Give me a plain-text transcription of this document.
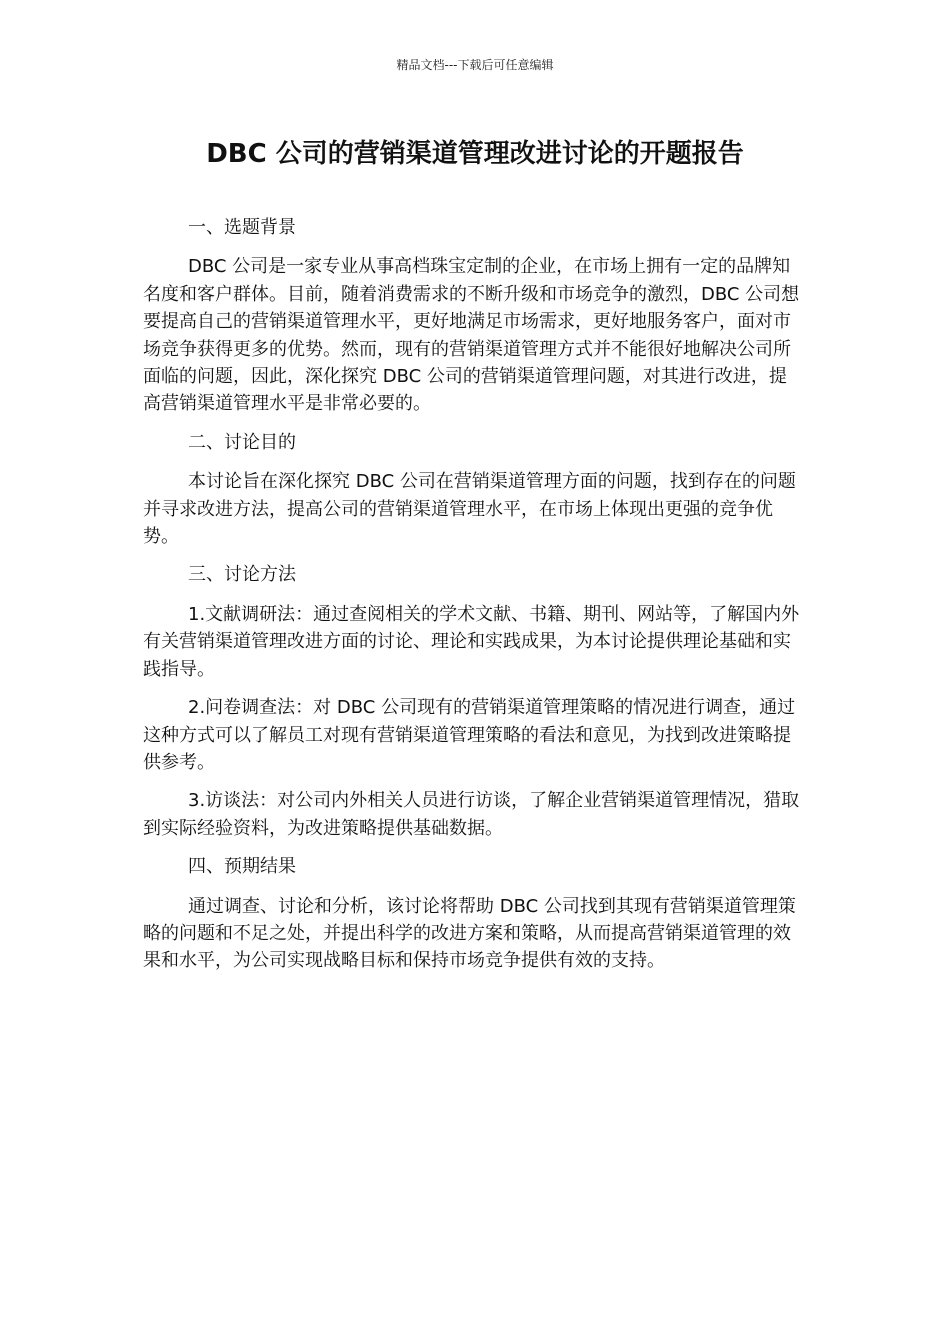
精品文档---下载后可任意编辑
DBC 公司的营销渠道管理改进讨论的开题报告

一、选题背景

DBC 公司是一家专业从事高档珠宝定制的企业，在市场上拥有一定的品牌知名度和客户群体。目前，随着消费需求的不断升级和市场竞争的激烈，DBC 公司想要提高自己的营销渠道管理水平，更好地满足市场需求，更好地服务客户，面对市场竞争获得更多的优势。然而，现有的营销渠道管理方式并不能很好地解决公司所面临的问题，因此，深化探究 DBC 公司的营销渠道管理问题，对其进行改进，提高营销渠道管理水平是非常必要的。

二、讨论目的

本讨论旨在深化探究 DBC 公司在营销渠道管理方面的问题，找到存在的问题并寻求改进方法，提高公司的营销渠道管理水平，在市场上体现出更强的竞争优势。

三、讨论方法

1.文献调研法：通过查阅相关的学术文献、书籍、期刊、网站等，了解国内外有关营销渠道管理改进方面的讨论、理论和实践成果，为本讨论提供理论基础和实践指导。

2.问卷调查法：对 DBC 公司现有的营销渠道管理策略的情况进行调查，通过这种方式可以了解员工对现有营销渠道管理策略的看法和意见，为找到改进策略提供参考。

3.访谈法：对公司内外相关人员进行访谈，了解企业营销渠道管理情况，猎取到实际经验资料，为改进策略提供基础数据。

四、预期结果

通过调查、讨论和分析，该讨论将帮助 DBC 公司找到其现有营销渠道管理策略的问题和不足之处，并提出科学的改进方案和策略，从而提高营销渠道管理的效果和水平，为公司实现战略目标和保持市场竞争提供有效的支持。
